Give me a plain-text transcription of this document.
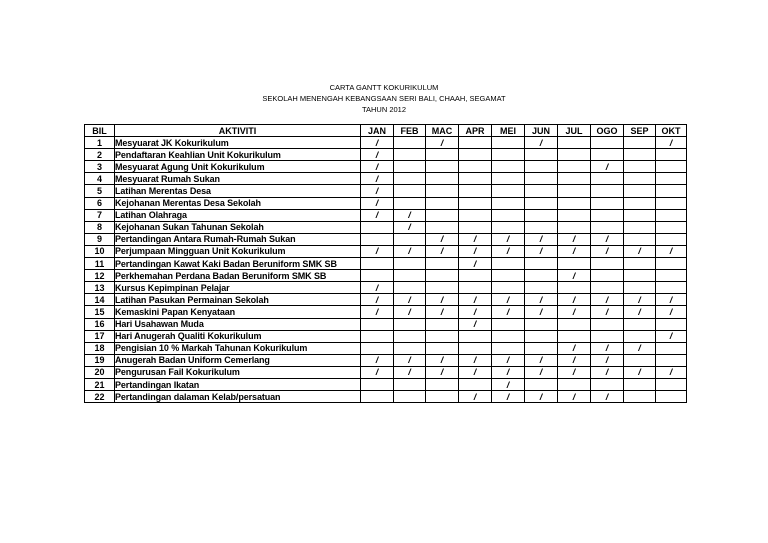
CARTA GANTT KOKURIKULUM
SEKOLAH MENENGAH KEBANGSAAN SERI BALI, CHAAH, SEGAMAT
TAHUN 2012
BIL	AKTIVITI	JAN	FEB	MAC	APR	MEI	JUN	JUL	OGO	SEP	OKT
1	Mesyuarat JK Kokurikulum	/		/			/				/
2	Pendaftaran Keahlian Unit Kokurikulum	/									
3	Mesyuarat Agung Unit Kokurikulum	/							/		
4	Mesyuarat Rumah Sukan	/									
5	Latihan Merentas Desa	/									
6	Kejohanan Merentas Desa Sekolah	/									
7	Latihan Olahraga	/	/								
8	Kejohanan Sukan Tahunan Sekolah		/								
9	Pertandingan Antara Rumah-Rumah Sukan			/	/	/	/	/	/		
10	Perjumpaan Mingguan Unit Kokurikulum	/	/	/	/	/	/	/	/	/	/
11	Pertandingan Kawat Kaki Badan Beruniform SMK SB				/						
12	Perkhemahan Perdana Badan Beruniform SMK SB							/			
13	Kursus Kepimpinan Pelajar	/									
14	Latihan Pasukan Permainan Sekolah	/	/	/	/	/	/	/	/	/	/
15	Kemaskini Papan Kenyataan	/	/	/	/	/	/	/	/	/	/
16	Hari Usahawan Muda				/						
17	Hari Anugerah Qualiti Kokurikulum										/
18	Pengisian 10 % Markah Tahunan Kokurikulum							/	/	/	
19	Anugerah Badan Uniform Cemerlang	/	/	/	/	/	/	/	/		
20	Pengurusan Fail Kokurikulum	/	/	/	/	/	/	/	/	/	/
21	Pertandingan Ikatan					/					
22	Pertandingan dalaman Kelab/persatuan				/	/	/	/	/		
